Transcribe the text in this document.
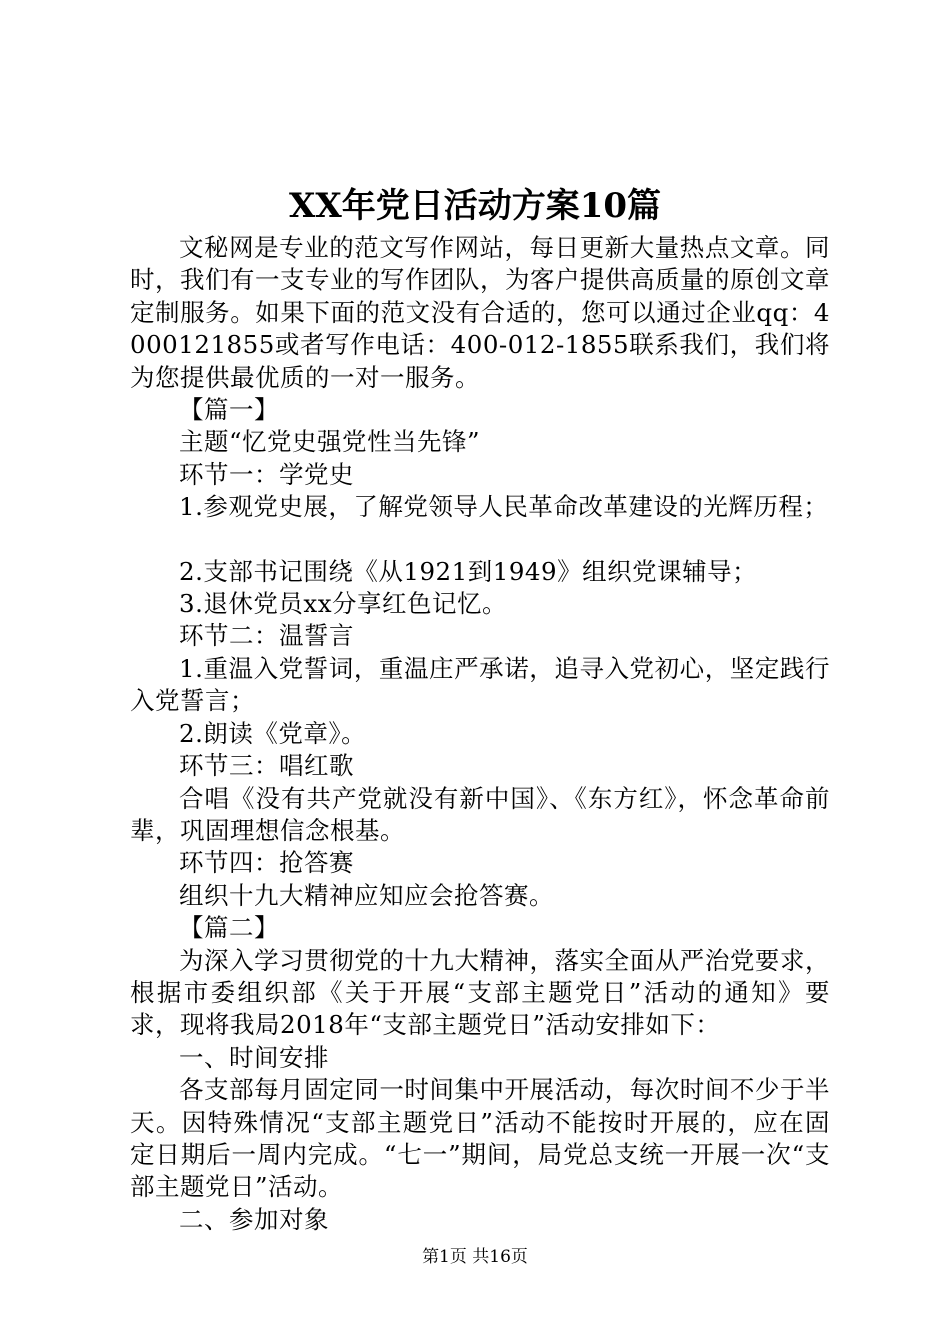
XX年党日活动方案10篇

文秘网是专业的范文写作网站，每日更新大量热点文章。同时，我们有一支专业的写作团队，为客户提供高质量的原创文章定制服务。如果下面的范文没有合适的，您可以通过企业qq：4000121855或者写作电话：400-012-1855联系我们，我们将为您提供最优质的一对一服务。

【篇一】

主题“忆党史强党性当先锋”

环节一：学党史

1.参观党史展，了解党领导人民革命改革建设的光辉历程；

2.支部书记围绕《从1921到1949》组织党课辅导；

3.退休党员xx分享红色记忆。

环节二：温誓言

1.重温入党誓词，重温庄严承诺，追寻入党初心，坚定践行入党誓言；

2.朗读《党章》。

环节三：唱红歌

合唱《没有共产党就没有新中国》、《东方红》，怀念革命前辈，巩固理想信念根基。

环节四：抢答赛

组织十九大精神应知应会抢答赛。

【篇二】

为深入学习贯彻党的十九大精神，落实全面从严治党要求，根据市委组织部《关于开展“支部主题党日”活动的通知》要求，现将我局2018年“支部主题党日”活动安排如下：

一、时间安排

各支部每月固定同一时间集中开展活动，每次时间不少于半天。因特殊情况“支部主题党日”活动不能按时开展的，应在固定日期后一周内完成。“七一”期间，局党总支统一开展一次“支部主题党日”活动。

二、参加对象

第1页 共16页
